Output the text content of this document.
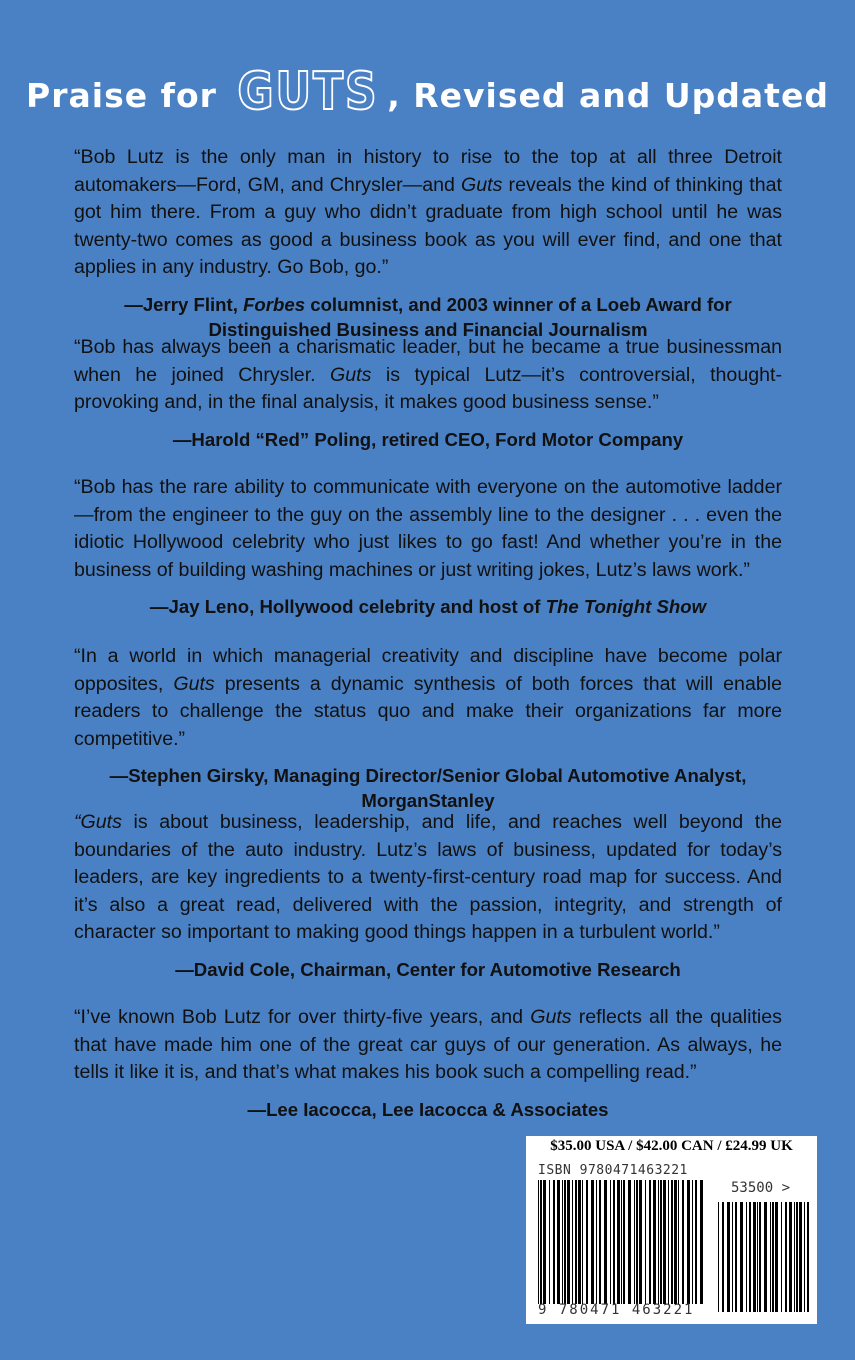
Praise for GUTS , Revised and Updated

“Bob Lutz is the only man in history to rise to the top at all three Detroit automakers—Ford, GM, and Chrysler—and Guts reveals the kind of thinking that got him there. From a guy who didn’t graduate from high school until he was twenty-two comes as good a business book as you will ever find, and one that applies in any industry. Go Bob, go.”

—Jerry Flint, Forbes columnist, and 2003 winner of a Loeb Award for Distinguished Business and Financial Journalism

“Bob has always been a charismatic leader, but he became a true businessman when he joined Chrysler. Guts is typical Lutz—it’s controversial, thought-provoking and, in the final analysis, it makes good business sense.”

—Harold “Red” Poling, retired CEO, Ford Motor Company

“Bob has the rare ability to communicate with everyone on the automotive ladder—from the engineer to the guy on the assembly line to the designer . . . even the idiotic Hollywood celebrity who just likes to go fast! And whether you’re in the business of building washing machines or just writing jokes, Lutz’s laws work.”

—Jay Leno, Hollywood celebrity and host of The Tonight Show

“In a world in which managerial creativity and discipline have become polar opposites, Guts presents a dynamic synthesis of both forces that will enable readers to challenge the status quo and make their organizations far more competitive.”

—Stephen Girsky, Managing Director/Senior Global Automotive Analyst, MorganStanley

“Guts is about business, leadership, and life, and reaches well beyond the boundaries of the auto industry. Lutz’s laws of business, updated for today’s leaders, are key ingredients to a twenty-first-century road map for success. And it’s also a great read, delivered with the passion, integrity, and strength of character so important to making good things happen in a turbulent world.”

—David Cole, Chairman, Center for Automotive Research

“I’ve known Bob Lutz for over thirty-five years, and Guts reflects all the qualities that have made him one of the great car guys of our generation. As always, he tells it like it is, and that’s what makes his book such a compelling read.”

—Lee Iacocca, Lee Iacocca & Associates

$35.00 USA / $42.00 CAN / £24.99 UK
ISBN 9780471463221
53500 >
9 780471 463221
